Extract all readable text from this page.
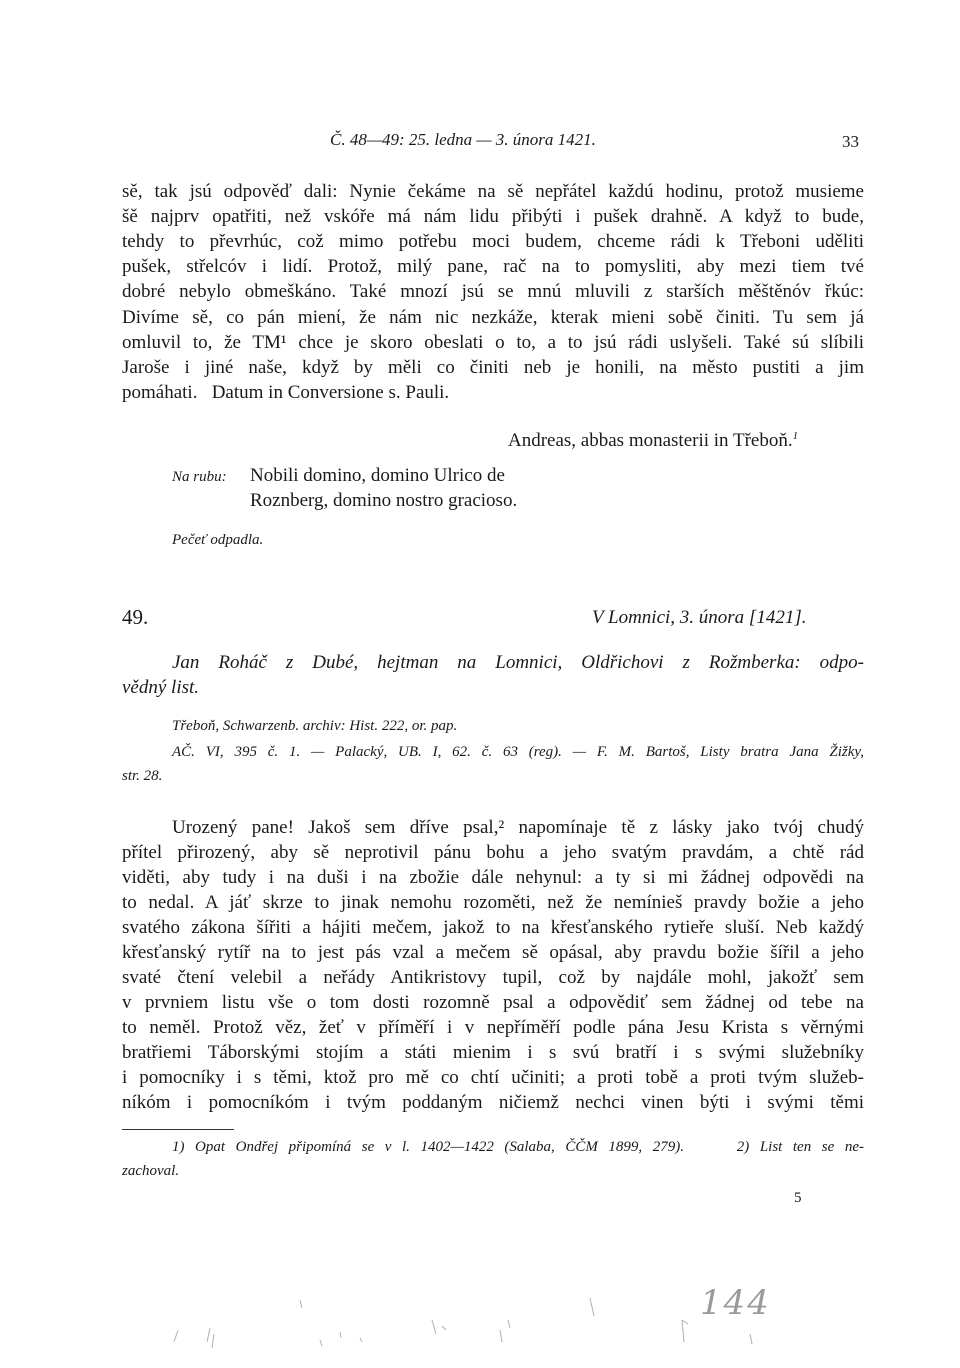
Č. 48—49: 25. ledna — 3. února 1421.	33
sě, tak jsú odpověď dali: Nynie čekáme na sě nepřátel každú hodinu, protož musieme
šě najprv opatřiti, než vskóře má nám lidu přibýti i pušek drahně. A když to bude,
tehdy to převrhúc, což mimo potřebu moci budem, chceme rádi k Třeboni uděliti
pušek, střelcóv i lidí. Protož, milý pane, rač na to pomysliti, aby mezi tiem tvé
dobré nebylo obmeškáno. Také mnozí jsú se mnú mluvili z starších měštěnóv řkúc:
Divíme sě, co pán mienί, že nám nic nezkáže, kterak mieni sobě činiti. Tu sem já
omluvil to, že TM¹ chce je skoro obeslati o to, a to jsú rádi uslyšeli. Také sú slíbili
Jaroše i jiné naše, když by měli co činiti neb je honili, na město pustiti a jim
pomáhati.   Datum in Conversione s. Pauli.
Andreas, abbas monasterii in Třeboň.$^1$
Na rubu: Nobili domino, domino Ulrico de
Roznberg, domino nostro gracioso.
Pečeť odpadla.
49.	V Lomnici, 3. února [1421].
Jan Roháč z Dubé, hejtman na Lomnici, Oldřichovi z Rožmberka: odpo-
vědný list.
Třeboň, Schwarzenb. archiv: Hist. 222, or. pap.
AČ. VI, 395 č. 1. — Palacký, UB. I, 62. č. 63 (reg). — F. M. Bartoš, Listy bratra Jana Žižky,
str. 28.
Urozený pane! Jakoš sem dříve psal,² napomínaje tě z lásky jako tvój chudý
přítel přirozený, aby sě neprotivil pánu bohu a jeho svatým pravdám, a chtě rád
viděti, aby tudy i na duši i na zbožie dále nehynul: a ty si mi žádnej odpovědi na
to nedal. A jáť skrze to jinak nemohu rozoměti, než že nemínieš pravdy božie a jeho
svatého zákona šířiti a hájiti mečem, jakož to na křesťanského rytieře sluší. Neb každý
křesťanský rytíř na to jest pás vzal a mečem sě opásal, aby pravdu božie šířil a jeho
svaté čtení velebil a neřády Antikristovy tupil, což by najdále mohl, jakožť sem
v prvniem listu vše o tom dosti rozomně psal a odpovědiť sem žádnej od tebe na
to neměl. Protož věz, žeť v příměří i v nepříměří podle pána Jesu Krista s věrnými
bratřiemi Táborskými stojím a státi mienim i s svú bratří i s svými služebníky
i pomocníky i s těmi, ktož pro mě co chtí učiniti; a proti tobě a proti tvým služeb-
níkóm i pomocníkóm i tvým poddaným ničiemž nechci vinen býti i svými těmi
1) Opat Ondřej připomíná se v l. 1402—1422 (Salaba, ČČM 1899, 279).     2) List ten se ne-
zachoval.
5
144
